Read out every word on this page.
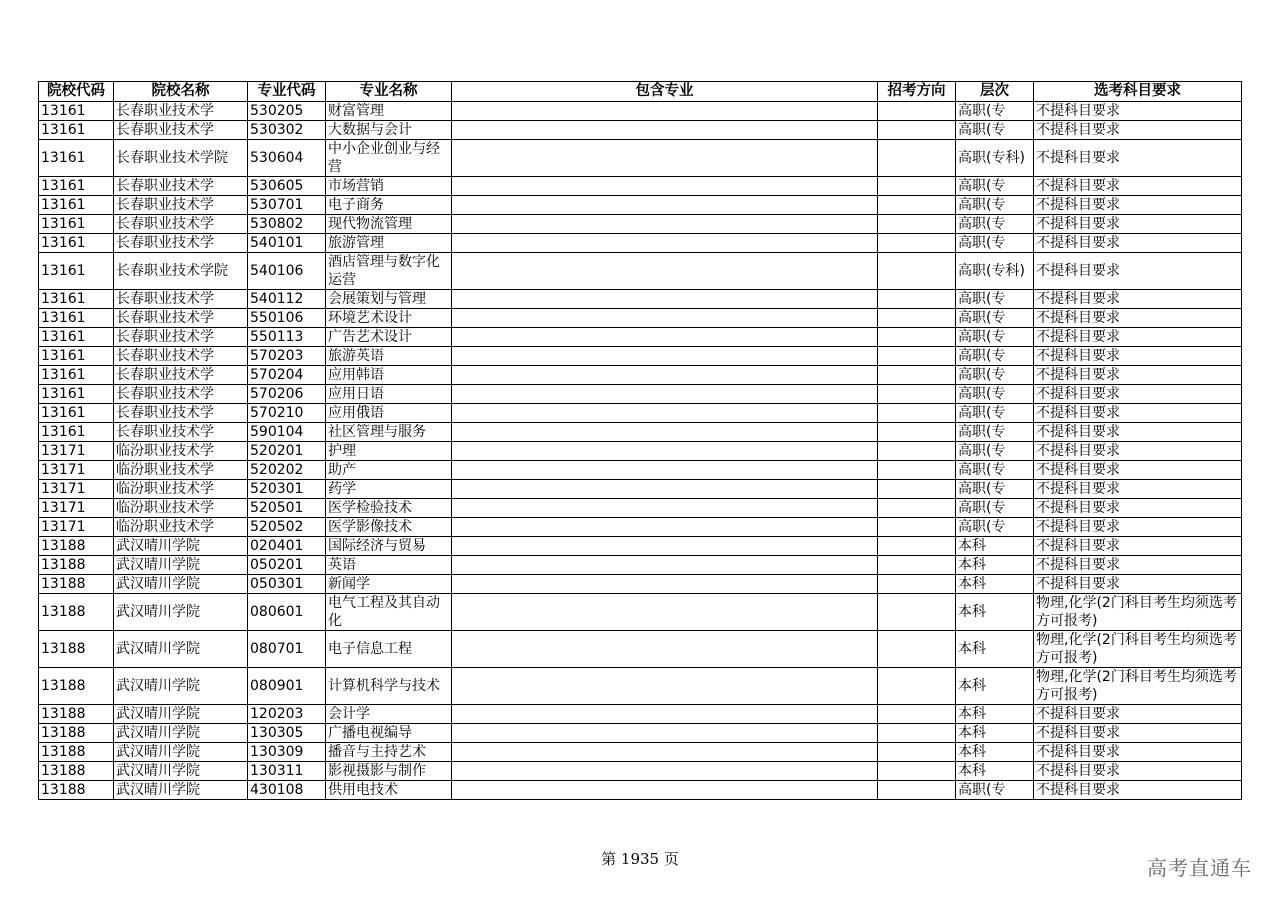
院校代码	院校名称	专业代码	专业名称	包含专业	招考方向	层次	选考科目要求
13161	长春职业技术学	530205	财富管理			高职(专	不提科目要求
13161	长春职业技术学	530302	大数据与会计			高职(专	不提科目要求
13161	长春职业技术学院	530604	中小企业创业与经营			高职(专科)	不提科目要求
13161	长春职业技术学	530605	市场营销			高职(专	不提科目要求
13161	长春职业技术学	530701	电子商务			高职(专	不提科目要求
13161	长春职业技术学	530802	现代物流管理			高职(专	不提科目要求
13161	长春职业技术学	540101	旅游管理			高职(专	不提科目要求
13161	长春职业技术学院	540106	酒店管理与数字化运营			高职(专科)	不提科目要求
13161	长春职业技术学	540112	会展策划与管理			高职(专	不提科目要求
13161	长春职业技术学	550106	环境艺术设计			高职(专	不提科目要求
13161	长春职业技术学	550113	广告艺术设计			高职(专	不提科目要求
13161	长春职业技术学	570203	旅游英语			高职(专	不提科目要求
13161	长春职业技术学	570204	应用韩语			高职(专	不提科目要求
13161	长春职业技术学	570206	应用日语			高职(专	不提科目要求
13161	长春职业技术学	570210	应用俄语			高职(专	不提科目要求
13161	长春职业技术学	590104	社区管理与服务			高职(专	不提科目要求
13171	临汾职业技术学	520201	护理			高职(专	不提科目要求
13171	临汾职业技术学	520202	助产			高职(专	不提科目要求
13171	临汾职业技术学	520301	药学			高职(专	不提科目要求
13171	临汾职业技术学	520501	医学检验技术			高职(专	不提科目要求
13171	临汾职业技术学	520502	医学影像技术			高职(专	不提科目要求
13188	武汉晴川学院	020401	国际经济与贸易			本科	不提科目要求
13188	武汉晴川学院	050201	英语			本科	不提科目要求
13188	武汉晴川学院	050301	新闻学			本科	不提科目要求
13188	武汉晴川学院	080601	电气工程及其自动化			本科	物理,化学(2门科目考生均须选考方可报考)
13188	武汉晴川学院	080701	电子信息工程			本科	物理,化学(2门科目考生均须选考方可报考)
13188	武汉晴川学院	080901	计算机科学与技术			本科	物理,化学(2门科目考生均须选考方可报考)
13188	武汉晴川学院	120203	会计学			本科	不提科目要求
13188	武汉晴川学院	130305	广播电视编导			本科	不提科目要求
13188	武汉晴川学院	130309	播音与主持艺术			本科	不提科目要求
13188	武汉晴川学院	130311	影视摄影与制作			本科	不提科目要求
13188	武汉晴川学院	430108	供用电技术			高职(专	不提科目要求
第 1935 页	高考直通车
